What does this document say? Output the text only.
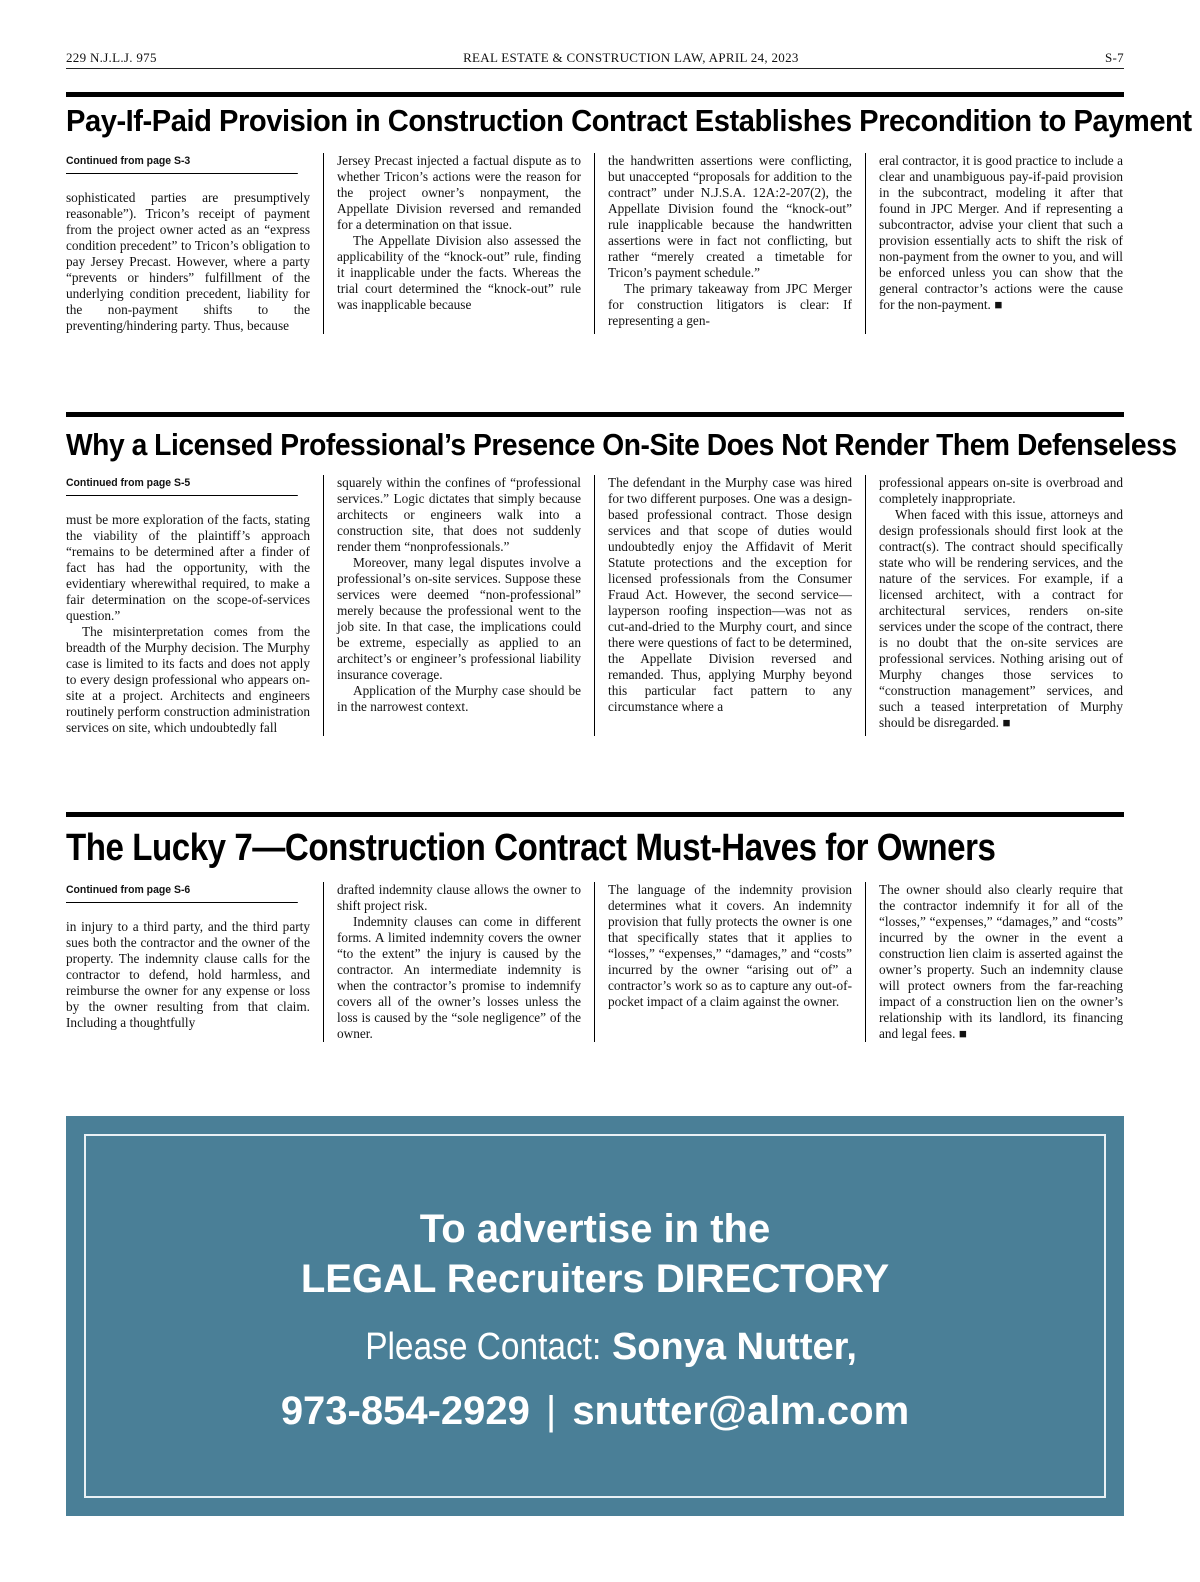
229 N.J.L.J. 975	REAL ESTATE & CONSTRUCTION LAW, APRIL 24, 2023	S-7
Pay-If-Paid Provision in Construction Contract Establishes Precondition to Payment
Continued from page S-3

sophisticated parties are presumptively reasonable”). Tricon’s receipt of payment from the project owner acted as an “express condition precedent” to Tricon’s obligation to pay Jersey Precast. However, where a party “prevents or hinders” fulfillment of the underlying condition precedent, liability for the non-payment shifts to the preventing/hindering party. Thus, because

Jersey Precast injected a factual dispute as to whether Tricon’s actions were the reason for the project owner’s nonpayment, the Appellate Division reversed and remanded for a determination on that issue.

The Appellate Division also assessed the applicability of the “knock-out” rule, finding it inapplicable under the facts. Whereas the trial court determined the “knock-out” rule was inapplicable because

the handwritten assertions were conflicting, but unaccepted “proposals for addition to the contract” under N.J.S.A. 12A:2-207(2), the Appellate Division found the “knock-out” rule inapplicable because the handwritten assertions were in fact not conflicting, but rather “merely created a timetable for Tricon’s payment schedule.”

The primary takeaway from JPC Merger for construction litigators is clear: If representing a gen-

eral contractor, it is good practice to include a clear and unambiguous pay-if-paid provision in the subcontract, modeling it after that found in JPC Merger. And if representing a subcontractor, advise your client that such a provision essentially acts to shift the risk of non-payment from the owner to you, and will be enforced unless you can show that the general contractor’s actions were the cause for the non-payment. ■

Why a Licensed Professional’s Presence On-Site Does Not Render Them Defenseless
Continued from page S-5

must be more exploration of the facts, stating the viability of the plaintiff’s approach “remains to be determined after a finder of fact has had the opportunity, with the evidentiary wherewithal required, to make a fair determination on the scope-of-services question.”

The misinterpretation comes from the breadth of the Murphy decision. The Murphy case is limited to its facts and does not apply to every design professional who appears on-site at a project. Architects and engineers routinely perform construction administration services on site, which undoubtedly fall

squarely within the confines of “professional services.” Logic dictates that simply because architects or engineers walk into a construction site, that does not suddenly render them “nonprofessionals.”

Moreover, many legal disputes involve a professional’s on-site services. Suppose these services were deemed “non-professional” merely because the professional went to the job site. In that case, the implications could be extreme, especially as applied to an architect’s or engineer’s professional liability insurance coverage.

Application of the Murphy case should be in the narrowest context.

The defendant in the Murphy case was hired for two different purposes. One was a design-based professional contract. Those design services and that scope of duties would undoubtedly enjoy the Affidavit of Merit Statute protections and the exception for licensed professionals from the Consumer Fraud Act. However, the second service—layperson roofing inspection—was not as cut-and-dried to the Murphy court, and since there were questions of fact to be determined, the Appellate Division reversed and remanded. Thus, applying Murphy beyond this particular fact pattern to any circumstance where a

professional appears on-site is overbroad and completely inappropriate.

When faced with this issue, attorneys and design professionals should first look at the contract(s). The contract should specifically state who will be rendering services, and the nature of the services. For example, if a licensed architect, with a contract for architectural services, renders on-site services under the scope of the contract, there is no doubt that the on-site services are professional services. Nothing arising out of Murphy changes those services to “construction management” services, and such a teased interpretation of Murphy should be disregarded. ■

The Lucky 7—Construction Contract Must-Haves for Owners
Continued from page S-6

in injury to a third party, and the third party sues both the contractor and the owner of the property. The indemnity clause calls for the contractor to defend, hold harmless, and reimburse the owner for any expense or loss by the owner resulting from that claim. Including a thoughtfully

drafted indemnity clause allows the owner to shift project risk.

Indemnity clauses can come in different forms. A limited indemnity covers the owner “to the extent” the injury is caused by the contractor. An intermediate indemnity is when the contractor’s promise to indemnify covers all of the owner’s losses unless the loss is caused by the “sole negligence” of the owner.

The language of the indemnity provision determines what it covers. An indemnity provision that fully protects the owner is one that specifically states that it applies to “losses,” “expenses,” “damages,” and “costs” incurred by the owner “arising out of” a contractor’s work so as to capture any out-of-pocket impact of a claim against the owner.

The owner should also clearly require that the contractor indemnify it for all of the “losses,” “expenses,” “damages,” and “costs” incurred by the owner in the event a construction lien claim is asserted against the owner’s property. Such an indemnity clause will protect owners from the far-reaching impact of a construction lien on the owner’s relationship with its landlord, its financing and legal fees. ■

To advertise in the
LEGAL Recruiters DIRECTORY
Please Contact: Sonya Nutter,
973-854-2929 | snutter@alm.com
